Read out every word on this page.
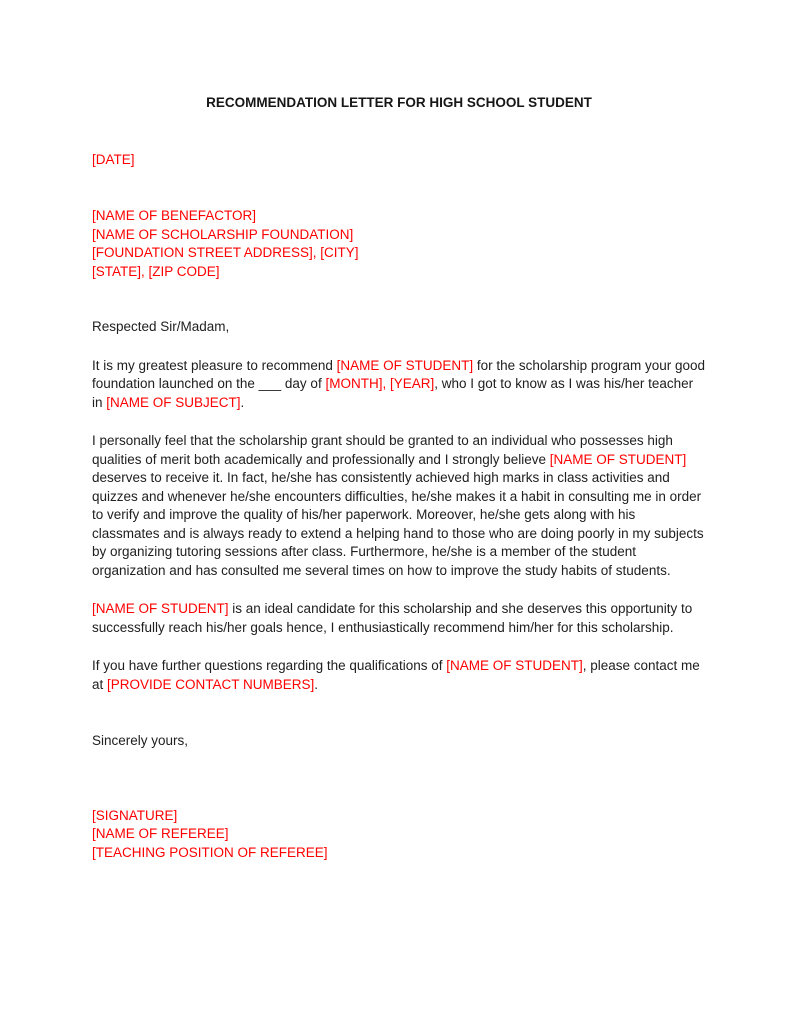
RECOMMENDATION LETTER FOR HIGH SCHOOL STUDENT

[DATE]

[NAME OF BENEFACTOR]
[NAME OF SCHOLARSHIP FOUNDATION]
[FOUNDATION STREET ADDRESS], [CITY]
[STATE], [ZIP CODE]

Respected Sir/Madam,

It is my greatest pleasure to recommend [NAME OF STUDENT] for the scholarship program your good foundation launched on the ___ day of [MONTH], [YEAR], who I got to know as I was his/her teacher in [NAME OF SUBJECT].

I personally feel that the scholarship grant should be granted to an individual who possesses high qualities of merit both academically and professionally and I strongly believe [NAME OF STUDENT] deserves to receive it. In fact, he/she has consistently achieved high marks in class activities and quizzes and whenever he/she encounters difficulties, he/she makes it a habit in consulting me in order to verify and improve the quality of his/her paperwork. Moreover, he/she gets along with his classmates and is always ready to extend a helping hand to those who are doing poorly in my subjects by organizing tutoring sessions after class. Furthermore, he/she is a member of the student organization and has consulted me several times on how to improve the study habits of students.

[NAME OF STUDENT] is an ideal candidate for this scholarship and she deserves this opportunity to successfully reach his/her goals hence, I enthusiastically recommend him/her for this scholarship.

If you have further questions regarding the qualifications of [NAME OF STUDENT], please contact me at [PROVIDE CONTACT NUMBERS].

Sincerely yours,

[SIGNATURE]
[NAME OF REFEREE]
[TEACHING POSITION OF REFEREE]
